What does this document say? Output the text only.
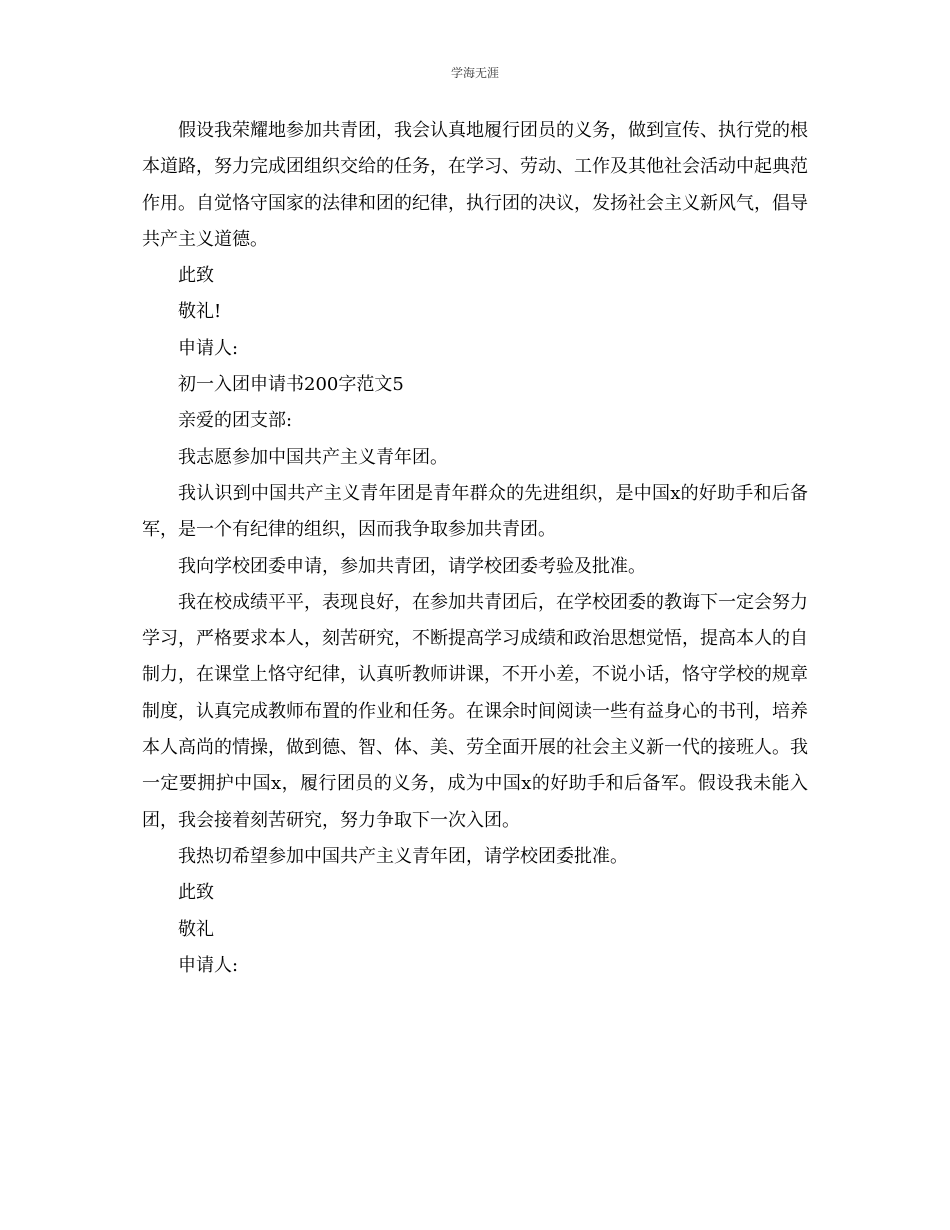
学海无涯

假设我荣耀地参加共青团，我会认真地履行团员的义务，做到宣传、执行党的根本道路，努力完成团组织交给的任务，在学习、劳动、工作及其他社会活动中起典范作用。自觉恪守国家的法律和团的纪律，执行团的决议，发扬社会主义新风气，倡导共产主义道德。

此致

敬礼!

申请人:

初一入团申请书200字范文5

亲爱的团支部:

我志愿参加中国共产主义青年团。

我认识到中国共产主义青年团是青年群众的先进组织，是中国x的好助手和后备军，是一个有纪律的组织，因而我争取参加共青团。

我向学校团委申请，参加共青团，请学校团委考验及批准。

我在校成绩平平，表现良好，在参加共青团后，在学校团委的教诲下一定会努力学习，严格要求本人，刻苦研究，不断提高学习成绩和政治思想觉悟，提高本人的自制力，在课堂上恪守纪律，认真听教师讲课，不开小差，不说小话，恪守学校的规章制度，认真完成教师布置的作业和任务。在课余时间阅读一些有益身心的书刊，培养本人高尚的情操，做到德、智、体、美、劳全面开展的社会主义新一代的接班人。我一定要拥护中国x，履行团员的义务，成为中国x的好助手和后备军。假设我未能入团，我会接着刻苦研究，努力争取下一次入团。

我热切希望参加中国共产主义青年团，请学校团委批准。

此致

敬礼

申请人:
